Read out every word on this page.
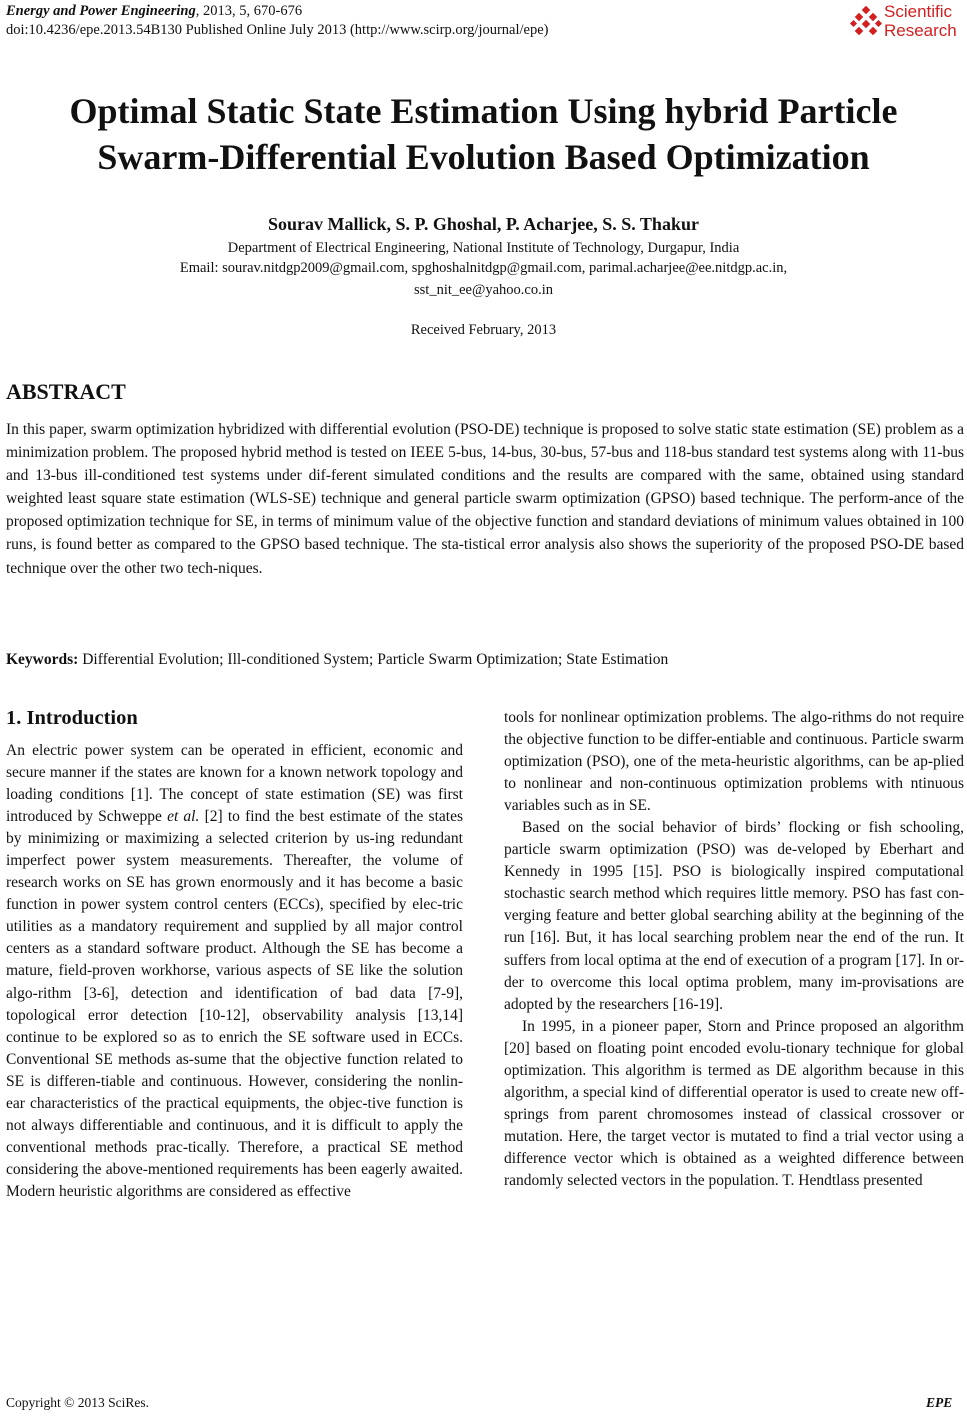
Energy and Power Engineering, 2013, 5, 670-676
doi:10.4236/epe.2013.54B130 Published Online July 2013 (http://www.scirp.org/journal/epe)
Scientific
Research
Optimal Static State Estimation Using hybrid Particle
Swarm-Differential Evolution Based Optimization
Sourav Mallick, S. P. Ghoshal, P. Acharjee, S. S. Thakur
Department of Electrical Engineering, National Institute of Technology, Durgapur, India
Email: sourav.nitdgp2009@gmail.com, spghoshalnitdgp@gmail.com, parimal.acharjee@ee.nitdgp.ac.in,
sst_nit_ee@yahoo.co.in
Received February, 2013
ABSTRACT
In this paper, swarm optimization hybridized with differential evolution (PSO-DE) technique is proposed to solve static state estimation (SE) problem as a minimization problem. The proposed hybrid method is tested on IEEE 5-bus, 14-bus, 30-bus, 57-bus and 118-bus standard test systems along with 11-bus and 13-bus ill-conditioned test systems under dif-ferent simulated conditions and the results are compared with the same, obtained using standard weighted least square state estimation (WLS-SE) technique and general particle swarm optimization (GPSO) based technique. The perform-ance of the proposed optimization technique for SE, in terms of minimum value of the objective function and standard deviations of minimum values obtained in 100 runs, is found better as compared to the GPSO based technique. The sta-tistical error analysis also shows the superiority of the proposed PSO-DE based technique over the other two tech-niques.
Keywords: Differential Evolution; Ill-conditioned System; Particle Swarm Optimization; State Estimation
1. Introduction

An electric power system can be operated in efficient, economic and secure manner if the states are known for a known network topology and loading conditions [1]. The concept of state estimation (SE) was first introduced by Schweppe et al. [2] to find the best estimate of the states by minimizing or maximizing a selected criterion by us-ing redundant imperfect power system measurements. Thereafter, the volume of research works on SE has grown enormously and it has become a basic function in power system control centers (ECCs), specified by elec-tric utilities as a mandatory requirement and supplied by all major control centers as a standard software product. Although the SE has become a mature, field-proven workhorse, various aspects of SE like the solution algo-rithm [3-6], detection and identification of bad data [7-9], topological error detection [10-12], observability analysis [13,14] continue to be explored so as to enrich the SE software used in ECCs. Conventional SE methods as-sume that the objective function related to SE is differen-tiable and continuous. However, considering the nonlin-ear characteristics of the practical equipments, the objec-tive function is not always differentiable and continuous, and it is difficult to apply the conventional methods prac-tically. Therefore, a practical SE method considering the above-mentioned requirements has been eagerly awaited. Modern heuristic algorithms are considered as effective

tools for nonlinear optimization problems. The algo-rithms do not require the objective function to be differ-entiable and continuous. Particle swarm optimization (PSO), one of the meta-heuristic algorithms, can be ap-plied to nonlinear and non-continuous optimization problems with ntinuous variables such as in SE.

Based on the social behavior of birds’ flocking or fish schooling, particle swarm optimization (PSO) was de-veloped by Eberhart and Kennedy in 1995 [15]. PSO is biologically inspired computational stochastic search method which requires little memory. PSO has fast con-verging feature and better global searching ability at the beginning of the run [16]. But, it has local searching problem near the end of the run. It suffers from local optima at the end of execution of a program [17]. In or-der to overcome this local optima problem, many im-provisations are adopted by the researchers [16-19].

In 1995, in a pioneer paper, Storn and Prince proposed an algorithm [20] based on floating point encoded evolu-tionary technique for global optimization. This algorithm is termed as DE algorithm because in this algorithm, a special kind of differential operator is used to create new off-springs from parent chromosomes instead of classical crossover or mutation. Here, the target vector is mutated to find a trial vector using a difference vector which is obtained as a weighted difference between randomly selected vectors in the population. T. Hendtlass presented

Copyright © 2013 SciRes.	EPE
